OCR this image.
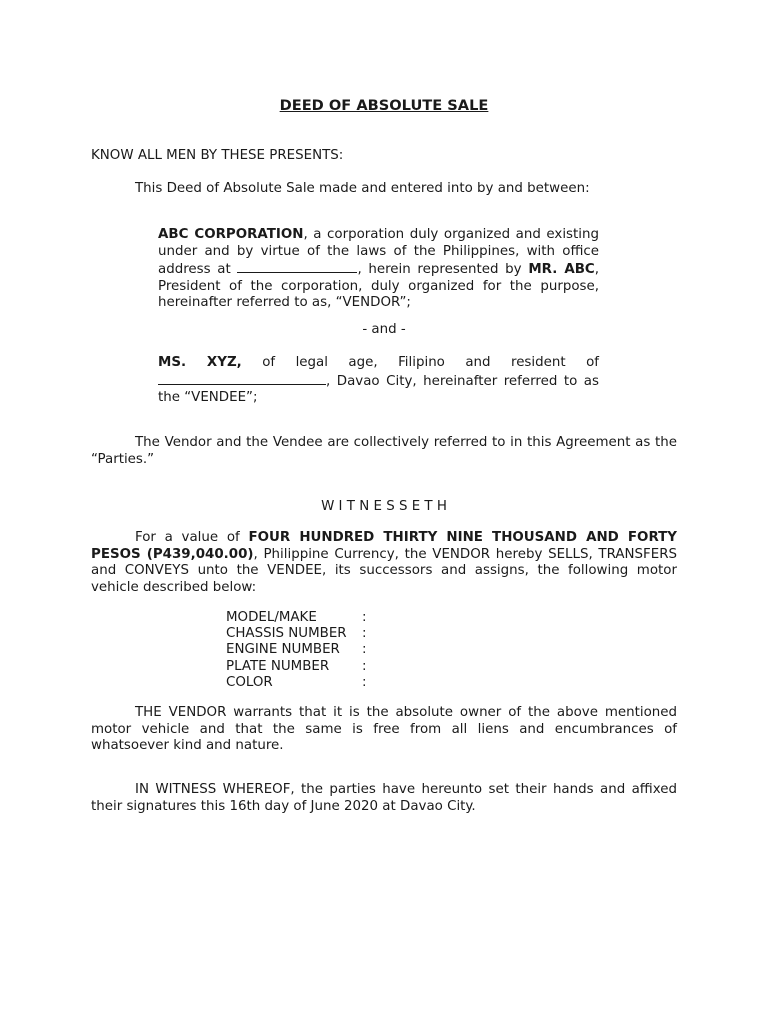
DEED OF ABSOLUTE SALE
KNOW ALL MEN BY THESE PRESENTS:
This Deed of Absolute Sale made and entered into by and between:
ABC CORPORATION, a corporation duly organized and existing under and by virtue of the laws of the Philippines, with office address at	, herein represented by MR. ABC, President of the corporation, duly organized for the purpose, hereinafter referred to as, “VENDOR”;
- and -
MS. XYZ, of legal age, Filipino and resident of, Davao City, hereinafter referred to as the “VENDEE”;
The Vendor and the Vendee are collectively referred to in this Agreement as the “Parties.”
W I T N E S S E T H
For a value of FOUR HUNDRED THIRTY NINE THOUSAND AND FORTY PESOS (P439,040.00), Philippine Currency, the VENDOR hereby SELLS, TRANSFERS and CONVEYS unto the VENDEE, its successors and assigns, the following motor vehicle described below:
MODEL/MAKE	:
CHASSIS NUMBER :
ENGINE NUMBER :
PLATE NUMBER :
COLOR	:
THE VENDOR warrants that it is the absolute owner of the above mentioned motor vehicle and that the same is free from all liens and encumbrances of whatsoever kind and nature.
IN WITNESS WHEREOF, the parties have hereunto set their hands and affixed their signatures this 16th day of June 2020 at Davao City.
